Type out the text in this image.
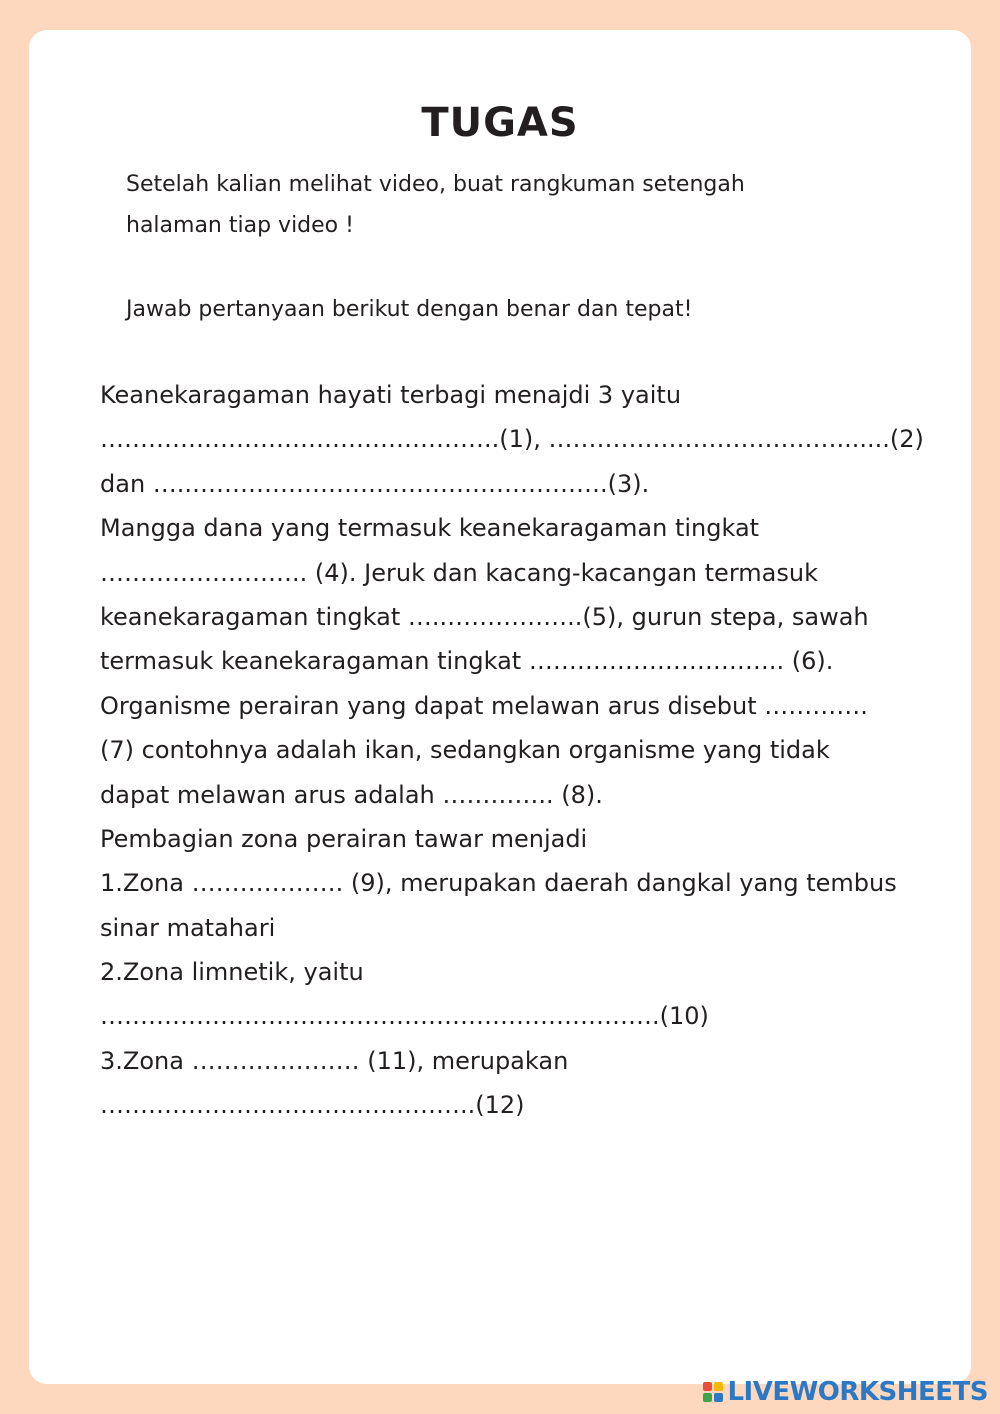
TUGAS
Setelah kalian melihat video, buat rangkuman setengah
halaman tiap video !
Jawab pertanyaan berikut dengan benar dan tepat!
Keanekaragaman hayati terbagi menajdi 3 yaitu
…………………………………………..(1), ……………………………….......(2)
dan …..…………………………………………….(3).
Mangga dana yang termasuk keanekaragaman tingkat
…………………….. (4). Jeruk dan kacang-kacangan termasuk
keanekaragaman tingkat …..……………..(5), gurun stepa, sawah
termasuk keanekaragaman tingkat ………………………….. (6).
Organisme perairan yang dapat melawan arus disebut ………….
(7) contohnya adalah ikan, sedangkan organisme yang tidak
dapat melawan arus adalah ………….. (8).
Pembagian zona perairan tawar menjadi
1.Zona ………………. (9), merupakan daerah dangkal yang tembus
sinar matahari
2.Zona limnetik, yaitu
…………………………………………………………….(10)
3.Zona ………………… (11), merupakan
………………………………………..(12)
LIVEWORKSHEETS
